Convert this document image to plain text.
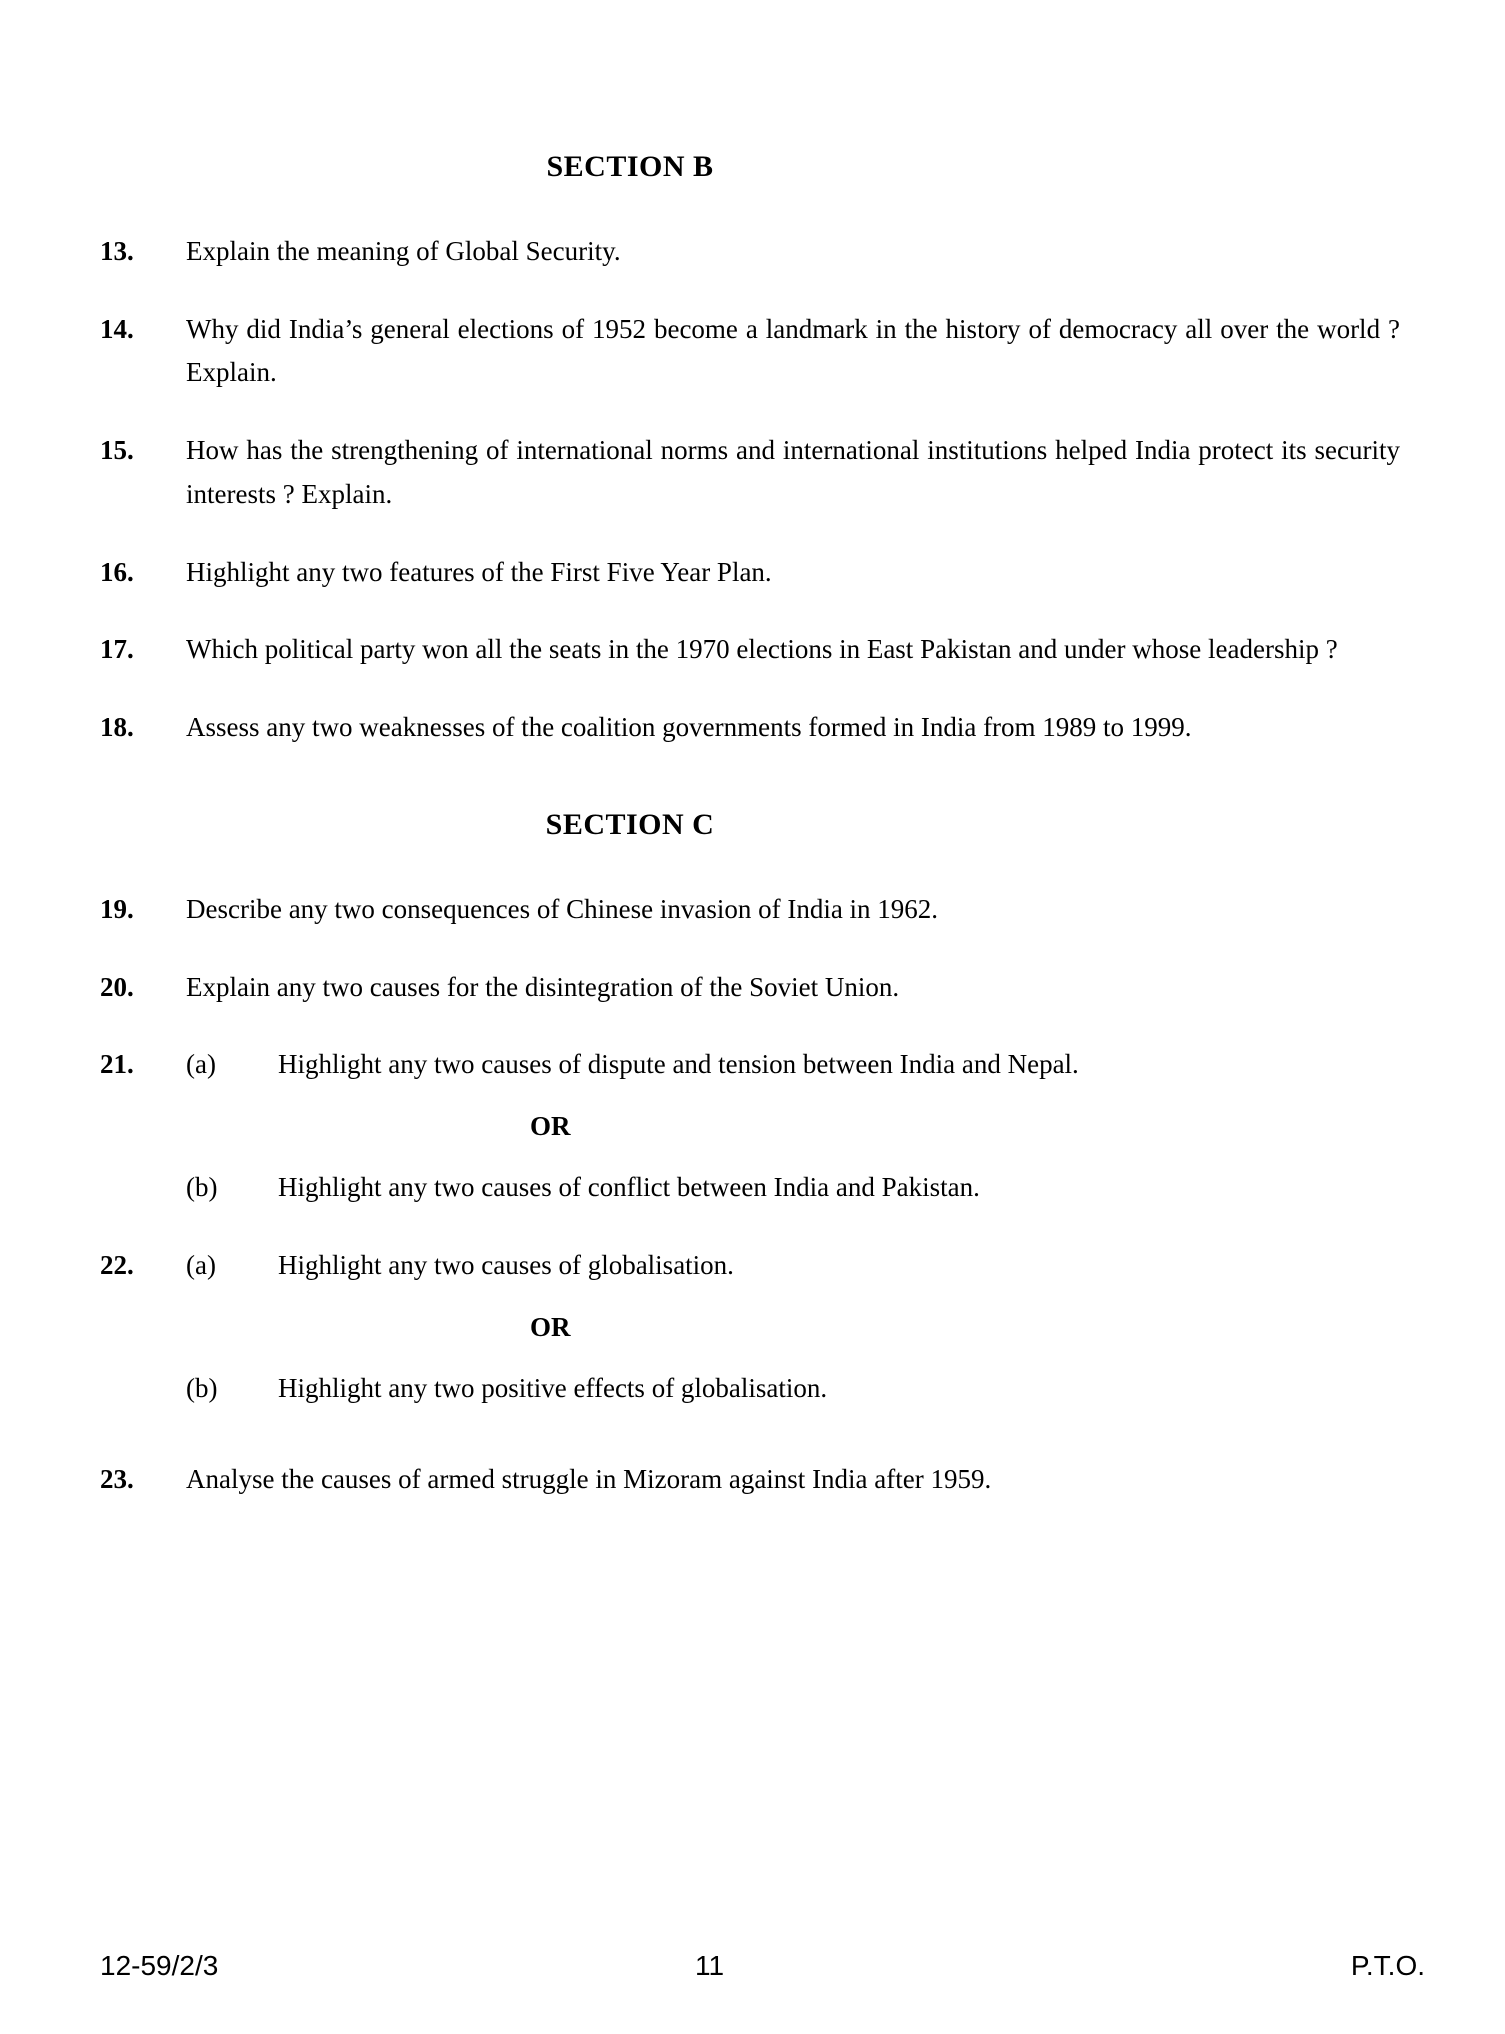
SECTION B
13.	Explain the meaning of Global Security.
14.	Why did India’s general elections of 1952 become a landmark in the history of democracy all over the world ? Explain.
15.	How has the strengthening of international norms and international institutions helped India protect its security interests ? Explain.
16.	Highlight any two features of the First Five Year Plan.
17.	Which political party won all the seats in the 1970 elections in East Pakistan and under whose leadership ?
18.	Assess any two weaknesses of the coalition governments formed in India from 1989 to 1999.
SECTION C
19.	Describe any two consequences of Chinese invasion of India in 1962.
20.	Explain any two causes for the disintegration of the Soviet Union.
21.	(a)	Highlight any two causes of dispute and tension between India and Nepal.
OR
(b)	Highlight any two causes of conflict between India and Pakistan.
22.	(a)	Highlight any two causes of globalisation.
OR
(b)	Highlight any two positive effects of globalisation.
23.	Analyse the causes of armed struggle in Mizoram against India after 1959.
12-59/2/3	11	P.T.O.
